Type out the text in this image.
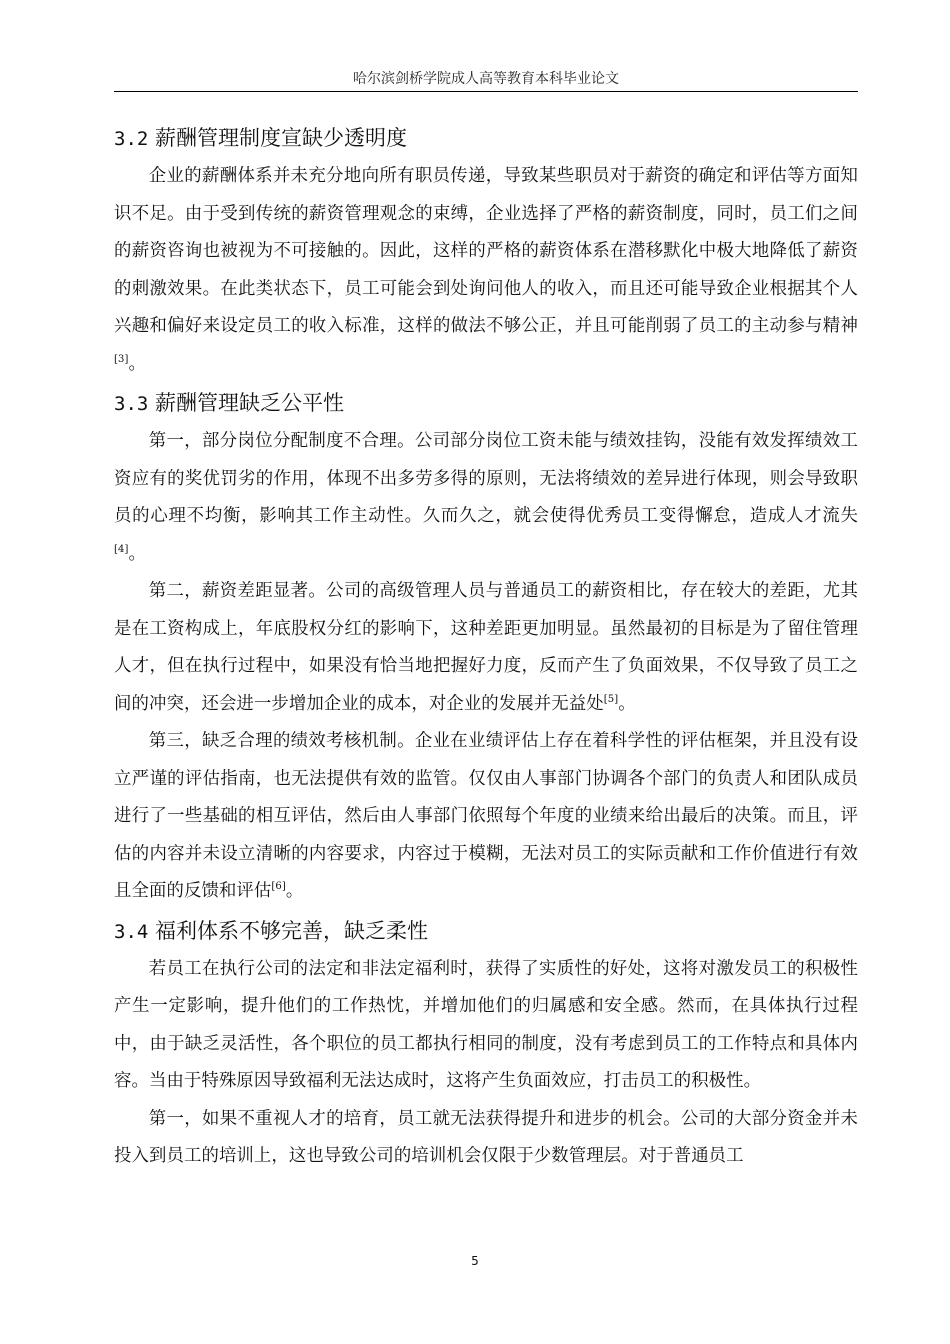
哈尔滨剑桥学院成人高等教育本科毕业论文
3.2 薪酬管理制度宣缺少透明度

企业的薪酬体系并未充分地向所有职员传递，导致某些职员对于薪资的确定和评估等方面知识不足。由于受到传统的薪资管理观念的束缚，企业选择了严格的薪资制度，同时，员工们之间的薪资咨询也被视为不可接触的。因此，这样的严格的薪资体系在潜移默化中极大地降低了薪资的刺激效果。在此类状态下，员工可能会到处询问他人的收入，而且还可能导致企业根据其个人兴趣和偏好来设定员工的收入标准，这样的做法不够公正，并且可能削弱了员工的主动参与精神[3]。

3.3 薪酬管理缺乏公平性

第一，部分岗位分配制度不合理。公司部分岗位工资未能与绩效挂钩，没能有效发挥绩效工资应有的奖优罚劣的作用，体现不出多劳多得的原则，无法将绩效的差异进行体现，则会导致职员的心理不均衡，影响其工作主动性。久而久之，就会使得优秀员工变得懈怠，造成人才流失[4]。

第二，薪资差距显著。公司的高级管理人员与普通员工的薪资相比，存在较大的差距，尤其是在工资构成上，年底股权分红的影响下，这种差距更加明显。虽然最初的目标是为了留住管理人才，但在执行过程中，如果没有恰当地把握好力度，反而产生了负面效果，不仅导致了员工之间的冲突，还会进一步增加企业的成本，对企业的发展并无益处[5]。

第三，缺乏合理的绩效考核机制。企业在业绩评估上存在着科学性的评估框架，并且没有设立严谨的评估指南，也无法提供有效的监管。仅仅由人事部门协调各个部门的负责人和团队成员进行了一些基础的相互评估，然后由人事部门依照每个年度的业绩来给出最后的决策。而且，评估的内容并未设立清晰的内容要求，内容过于模糊，无法对员工的实际贡献和工作价值进行有效且全面的反馈和评估[6]。

3.4 福利体系不够完善，缺乏柔性

若员工在执行公司的法定和非法定福利时，获得了实质性的好处，这将对激发员工的积极性产生一定影响，提升他们的工作热忱，并增加他们的归属感和安全感。然而，在具体执行过程中，由于缺乏灵活性，各个职位的员工都执行相同的制度，没有考虑到员工的工作特点和具体内容。当由于特殊原因导致福利无法达成时，这将产生负面效应，打击员工的积极性。

第一，如果不重视人才的培育，员工就无法获得提升和进步的机会。公司的大部分资金并未投入到员工的培训上，这也导致公司的培训机会仅限于少数管理层。对于普通员工

5
